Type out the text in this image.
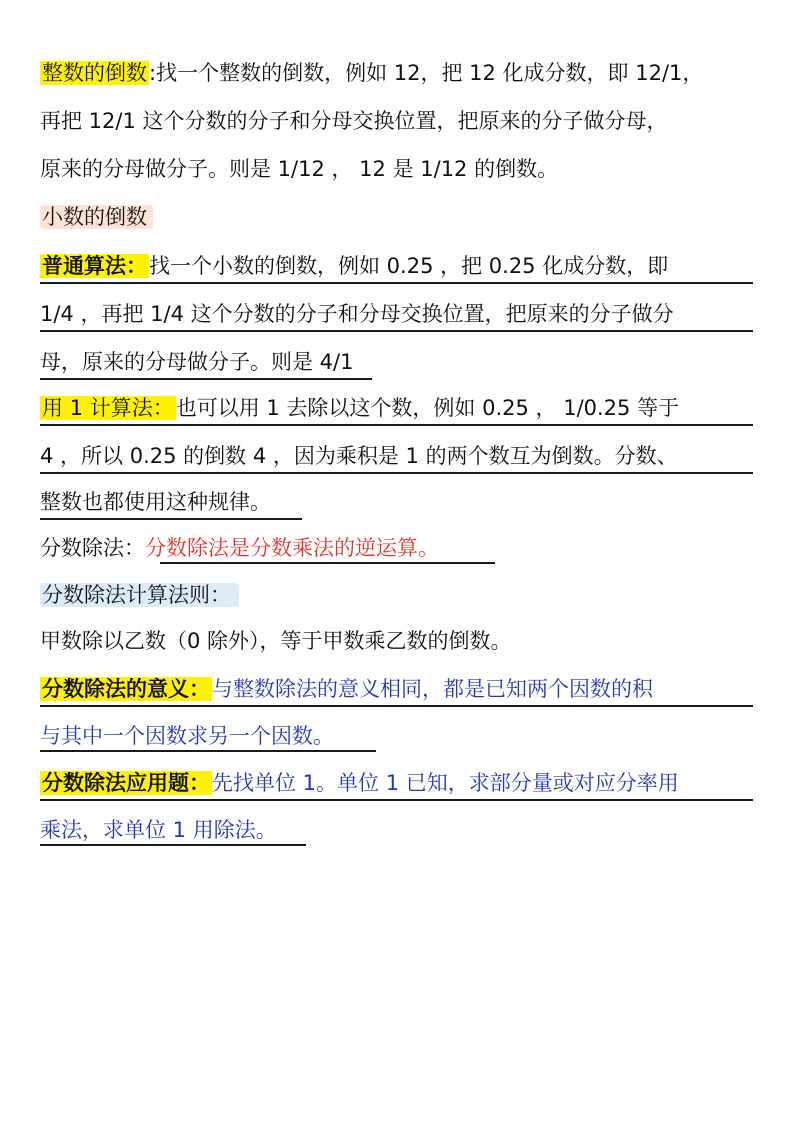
整数的倒数:找一个整数的倒数，例如 12，把 12 化成分数，即 12/1，
再把 12/1 这个分数的分子和分母交换位置，把原来的分子做分母，
原来的分母做分子。则是 1/12 ， 12 是 1/12 的倒数。
小数的倒数
普通算法：找一个小数的倒数，例如 0.25 ，把 0.25 化成分数，即
1/4 ，再把 1/4 这个分数的分子和分母交换位置，把原来的分子做分
母，原来的分母做分子。则是 4/1
用 1 计算法：也可以用 1 去除以这个数，例如 0.25 ， 1/0.25 等于
4 ，所以 0.25 的倒数 4 ，因为乘积是 1 的两个数互为倒数。分数、
整数也都使用这种规律。
分数除法：分数除法是分数乘法的逆运算。
分数除法计算法则：
甲数除以乙数（0 除外），等于甲数乘乙数的倒数。
分数除法的意义：与整数除法的意义相同，都是已知两个因数的积
与其中一个因数求另一个因数。
分数除法应用题：先找单位 1。单位 1 已知，求部分量或对应分率用
乘法，求单位 1 用除法。
